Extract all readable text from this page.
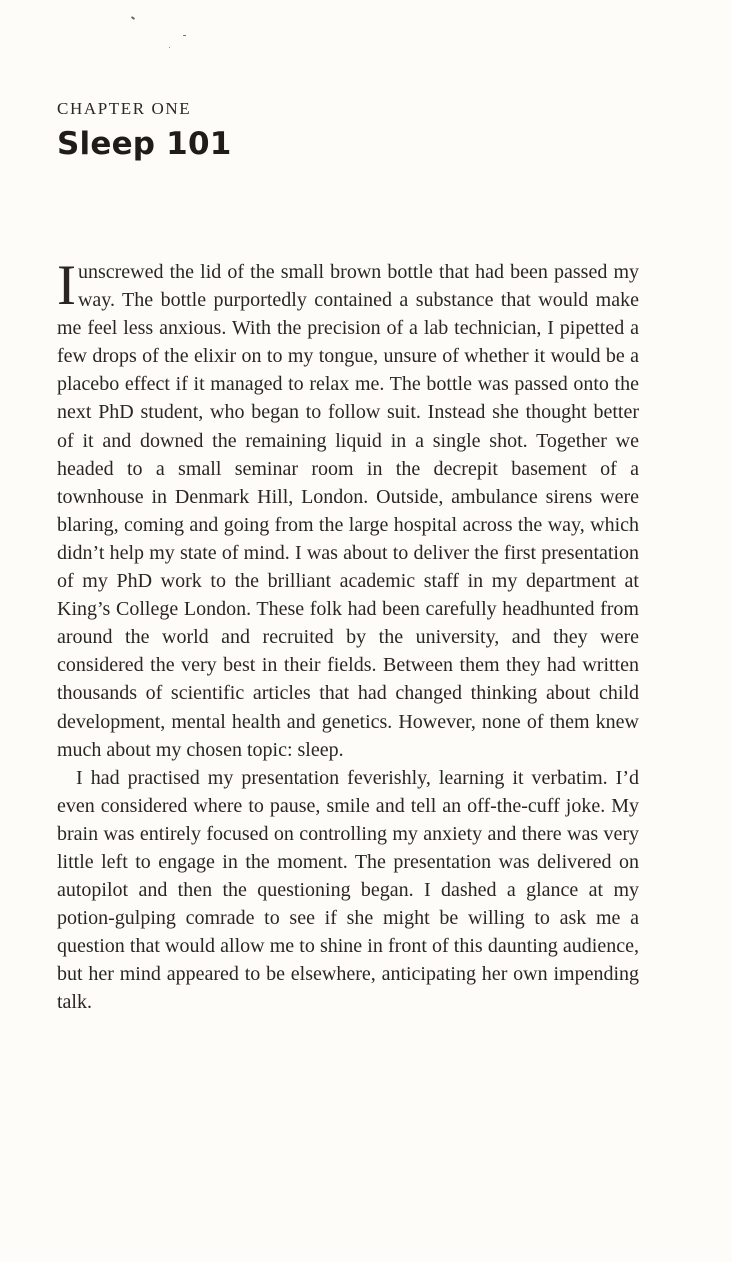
CHAPTER ONE
Sleep 101

Iunscrewed the lid of the small brown bottle that had been passed my way. The bottle purportedly contained a substance that would make me feel less anxious. With the precision of a lab technician, I pipetted a few drops of the elixir on to my tongue, unsure of whether it would be a placebo effect if it managed to relax me. The bottle was passed onto the next PhD student, who began to follow suit. Instead she thought better of it and downed the remaining liquid in a single shot. Together we headed to a small seminar room in the decrepit basement of a townhouse in Denmark Hill, London. Outside, ambulance sirens were blaring, coming and going from the large hospital across the way, which didn’t help my state of mind. I was about to deliver the first presentation of my PhD work to the brilliant academic staff in my department at King’s College London. These folk had been carefully headhunted from around the world and recruited by the university, and they were considered the very best in their fields. Between them they had written thousands of scientific articles that had changed thinking about child development, mental health and genetics. However, none of them knew much about my chosen topic: sleep.

I had practised my presentation feverishly, learning it verbatim. I’d even considered where to pause, smile and tell an off-the-cuff joke. My brain was entirely focused on controlling my anxiety and there was very little left to engage in the moment. The presentation was delivered on autopilot and then the questioning began. I dashed a glance at my potion-gulping comrade to see if she might be willing to ask me a question that would allow me to shine in front of this daunting audience, but her mind appeared to be elsewhere, anticipating her own impending talk.
